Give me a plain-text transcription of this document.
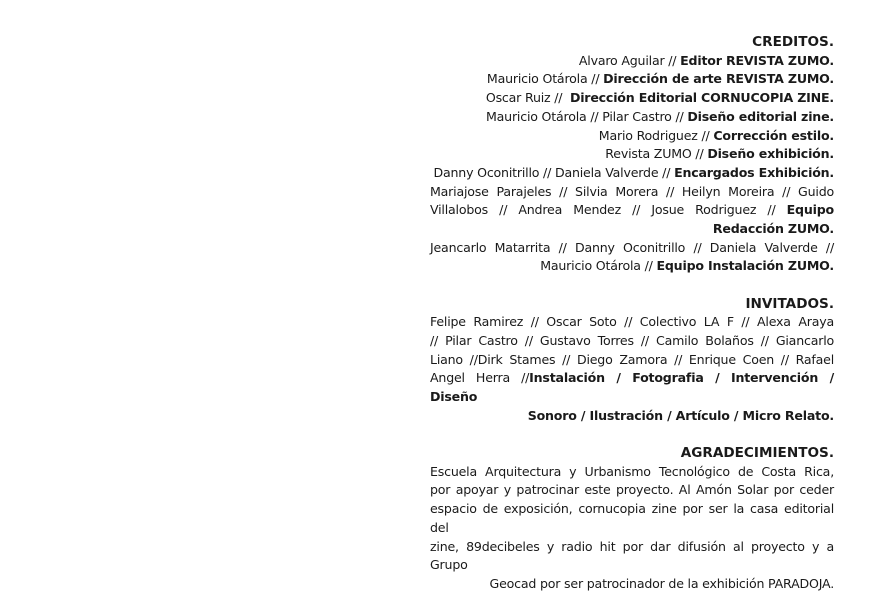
CREDITOS.
Alvaro Aguilar // Editor REVISTA ZUMO.
Mauricio Otárola // Dirección de arte REVISTA ZUMO.
Oscar Ruiz //  Dirección Editorial CORNUCOPIA ZINE.
Mauricio Otárola // Pilar Castro // Diseño editorial zine.
Mario Rodriguez // Corrección estilo.
Revista ZUMO // Diseño exhibición.
Danny Oconitrillo // Daniela Valverde // Encargados Exhibición.
Mariajose Parajeles // Silvia Morera // Heilyn Moreira // Guido
Villalobos // Andrea Mendez // Josue Rodriguez // Equipo
Redacción ZUMO.
Jeancarlo Matarrita // Danny Oconitrillo // Daniela Valverde //
Mauricio Otárola // Equipo Instalación ZUMO.
INVITADOS.
Felipe Ramirez // Oscar Soto // Colectivo LA F // Alexa Araya
// Pilar Castro // Gustavo Torres // Camilo Bolaños // Giancarlo
Liano //Dirk Stames // Diego Zamora // Enrique Coen // Rafael
Angel Herra //Instalación / Fotografia / Intervención / Diseño
Sonoro / Ilustración / Artículo / Micro Relato.
AGRADECIMIENTOS.
Escuela Arquitectura y Urbanismo Tecnológico de Costa Rica,
por apoyar y patrocinar este proyecto. Al Amón Solar por ceder
espacio de exposición, cornucopia zine por ser la casa editorial del
zine, 89decibeles y radio hit por dar difusión al proyecto y a Grupo
Geocad por ser patrocinador de la exhibición PARADOJA.
